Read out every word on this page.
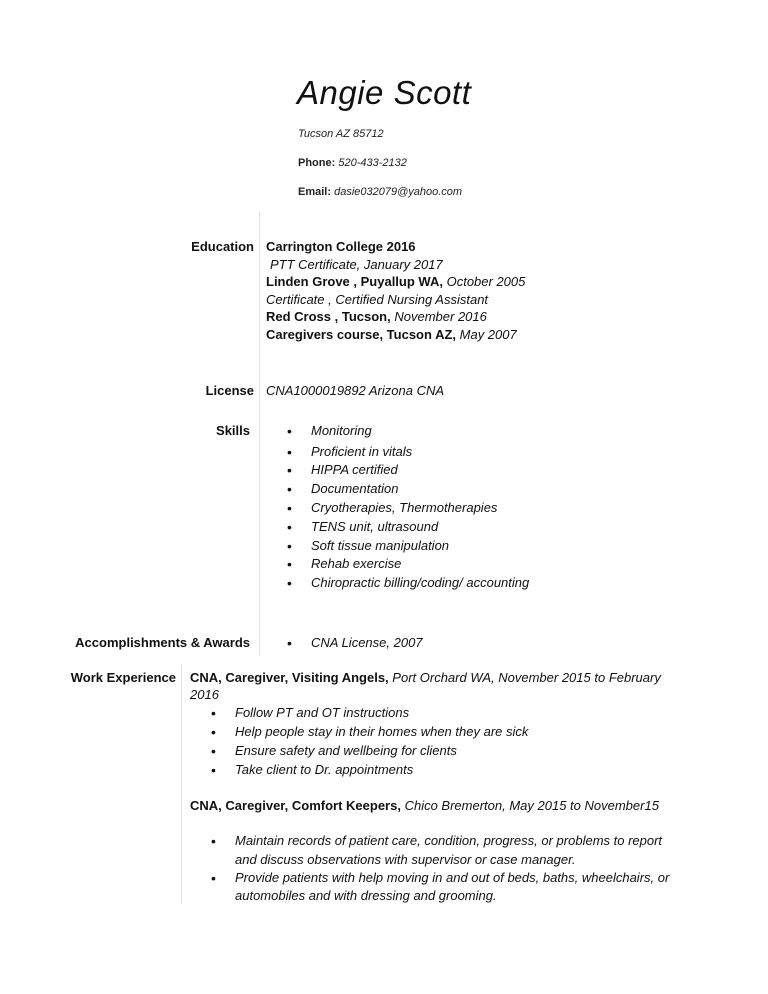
Angie Scott
Tucson AZ 85712
Phone: 520-433-2132
Email: dasie032079@yahoo.com
Education Carrington College 2016
PTT Certificate, January 2017
Linden Grove , Puyallup WA, October 2005
Certificate , Certified Nursing Assistant
Red Cross , Tucson, November 2016
Caregivers course, Tucson AZ, May 2007
License CNA1000019892 Arizona CNA
Skills	• Monitoring
• Proficient in vitals
• HIPPA certified
• Documentation
• Cryotherapies, Thermotherapies
• TENS unit, ultrasound
• Soft tissue manipulation
• Rehab exercise
• Chiropractic billing/coding/ accounting
Accomplishments & Awards	• CNA License, 2007
Work Experience CNA, Caregiver, Visiting Angels, Port Orchard WA, November 2015 to February
2016
• Follow PT and OT instructions
• Help people stay in their homes when they are sick
• Ensure safety and wellbeing for clients
• Take client to Dr. appointments
CNA, Caregiver, Comfort Keepers, Chico Bremerton, May 2015 to November15
• Maintain records of patient care, condition, progress, or problems to report
and discuss observations with supervisor or case manager.
• Provide patients with help moving in and out of beds, baths, wheelchairs, or
automobiles and with dressing and grooming.
